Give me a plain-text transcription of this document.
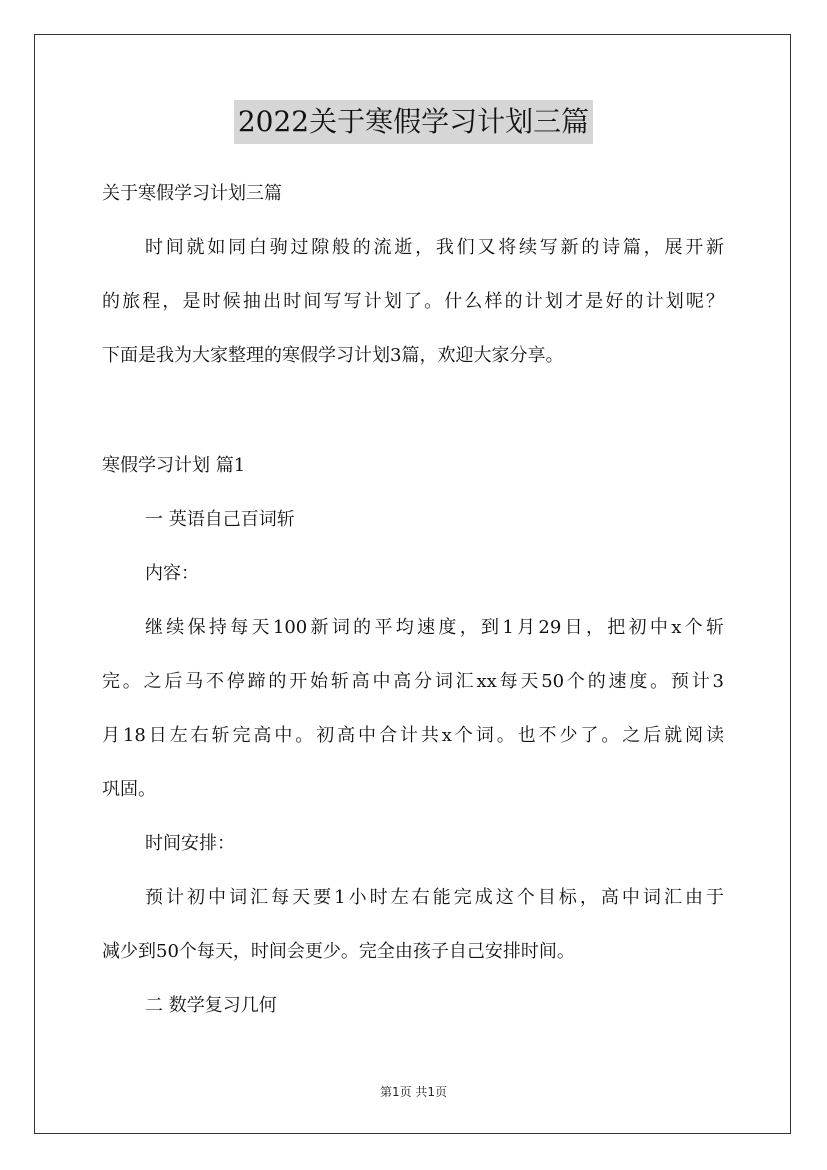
2022关于寒假学习计划三篇
关于寒假学习计划三篇
时间就如同白驹过隙般的流逝，我们又将续写新的诗篇，展开新
的旅程，是时候抽出时间写写计划了。什么样的计划才是好的计划呢？
下面是我为大家整理的寒假学习计划3篇，欢迎大家分享。
寒假学习计划 篇1
一 英语自己百词斩
内容：
继续保持每天100新词的平均速度，到1月29日，把初中x个斩
完。之后马不停蹄的开始斩高中高分词汇xx每天50个的速度。预计3
月18日左右斩完高中。初高中合计共x个词。也不少了。之后就阅读
巩固。
时间安排：
预计初中词汇每天要1小时左右能完成这个目标，高中词汇由于
减少到50个每天，时间会更少。完全由孩子自己安排时间。
二 数学复习几何
第1页 共1页
